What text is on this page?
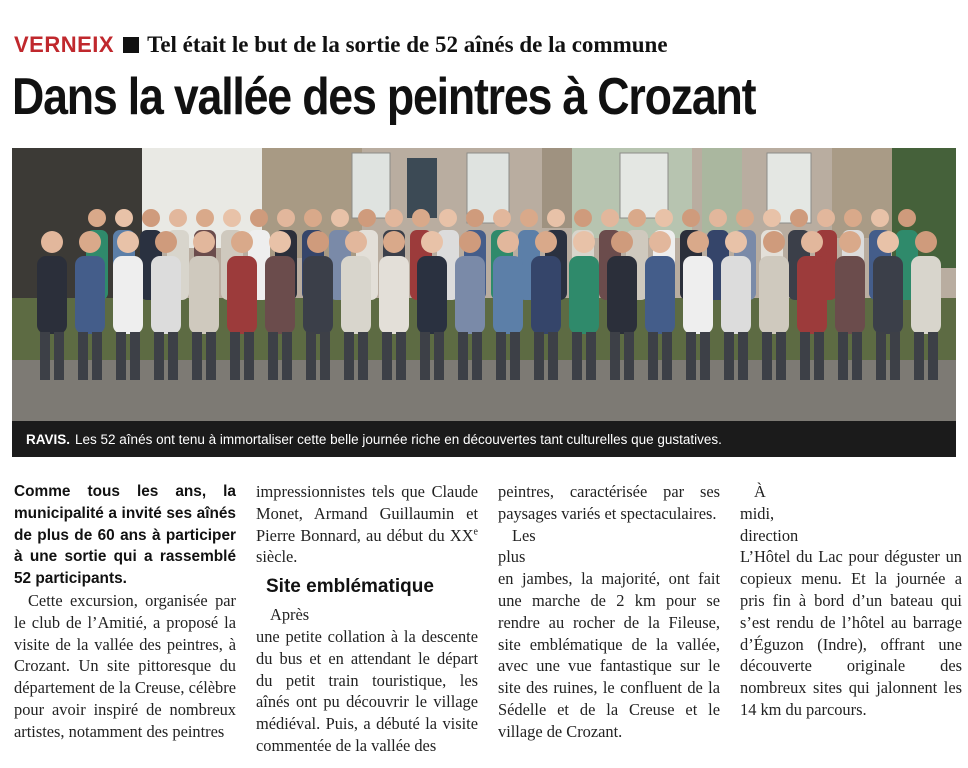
VERNEIX Tel était le but de la sortie de 52 aînés de la commune
Dans la vallée des peintres à Crozant
RAVIS. Les 52 aînés ont tenu à immortaliser cette belle journée riche en découvertes tant culturelles que gustatives.

Comme tous les ans, la municipalité a invité ses aînés de plus de 60 ans à participer à une sortie qui a rassemblé 52 participants.

Cette excursion, organisée par le club de l’Amitié, a proposé la visite de la vallée des peintres, à Crozant. Un site pittoresque du département de la Creuse, célèbre pour avoir inspiré de nombreux artistes, notamment des peintres

impressionnistes tels que Claude Monet, Armand Guillaumin et Pierre Bonnard, au début du XXe siècle.

Site emblématique

Après

une petite collation à la descente du bus et en attendant le départ du petit train touristique, les aînés ont pu découvrir le village médiéval. Puis, a débuté la visite commentée de la vallée des

peintres, caractérisée par ses paysages variés et spectaculaires.

Les

plus

en jambes, la majorité, ont fait une marche de 2 km pour se rendre au rocher de la Fileuse, site emblématique de la vallée, avec une vue fantastique sur le site des ruines, le confluent de la Sédelle et de la Creuse et le village de Crozant.

À

midi,

direction

L’Hôtel du Lac pour déguster un copieux menu. Et la journée a pris fin à bord d’un bateau qui s’est rendu de l’hôtel au barrage d’Éguzon (Indre), offrant une découverte originale des nombreux sites qui jalonnent les 14 km du parcours.
